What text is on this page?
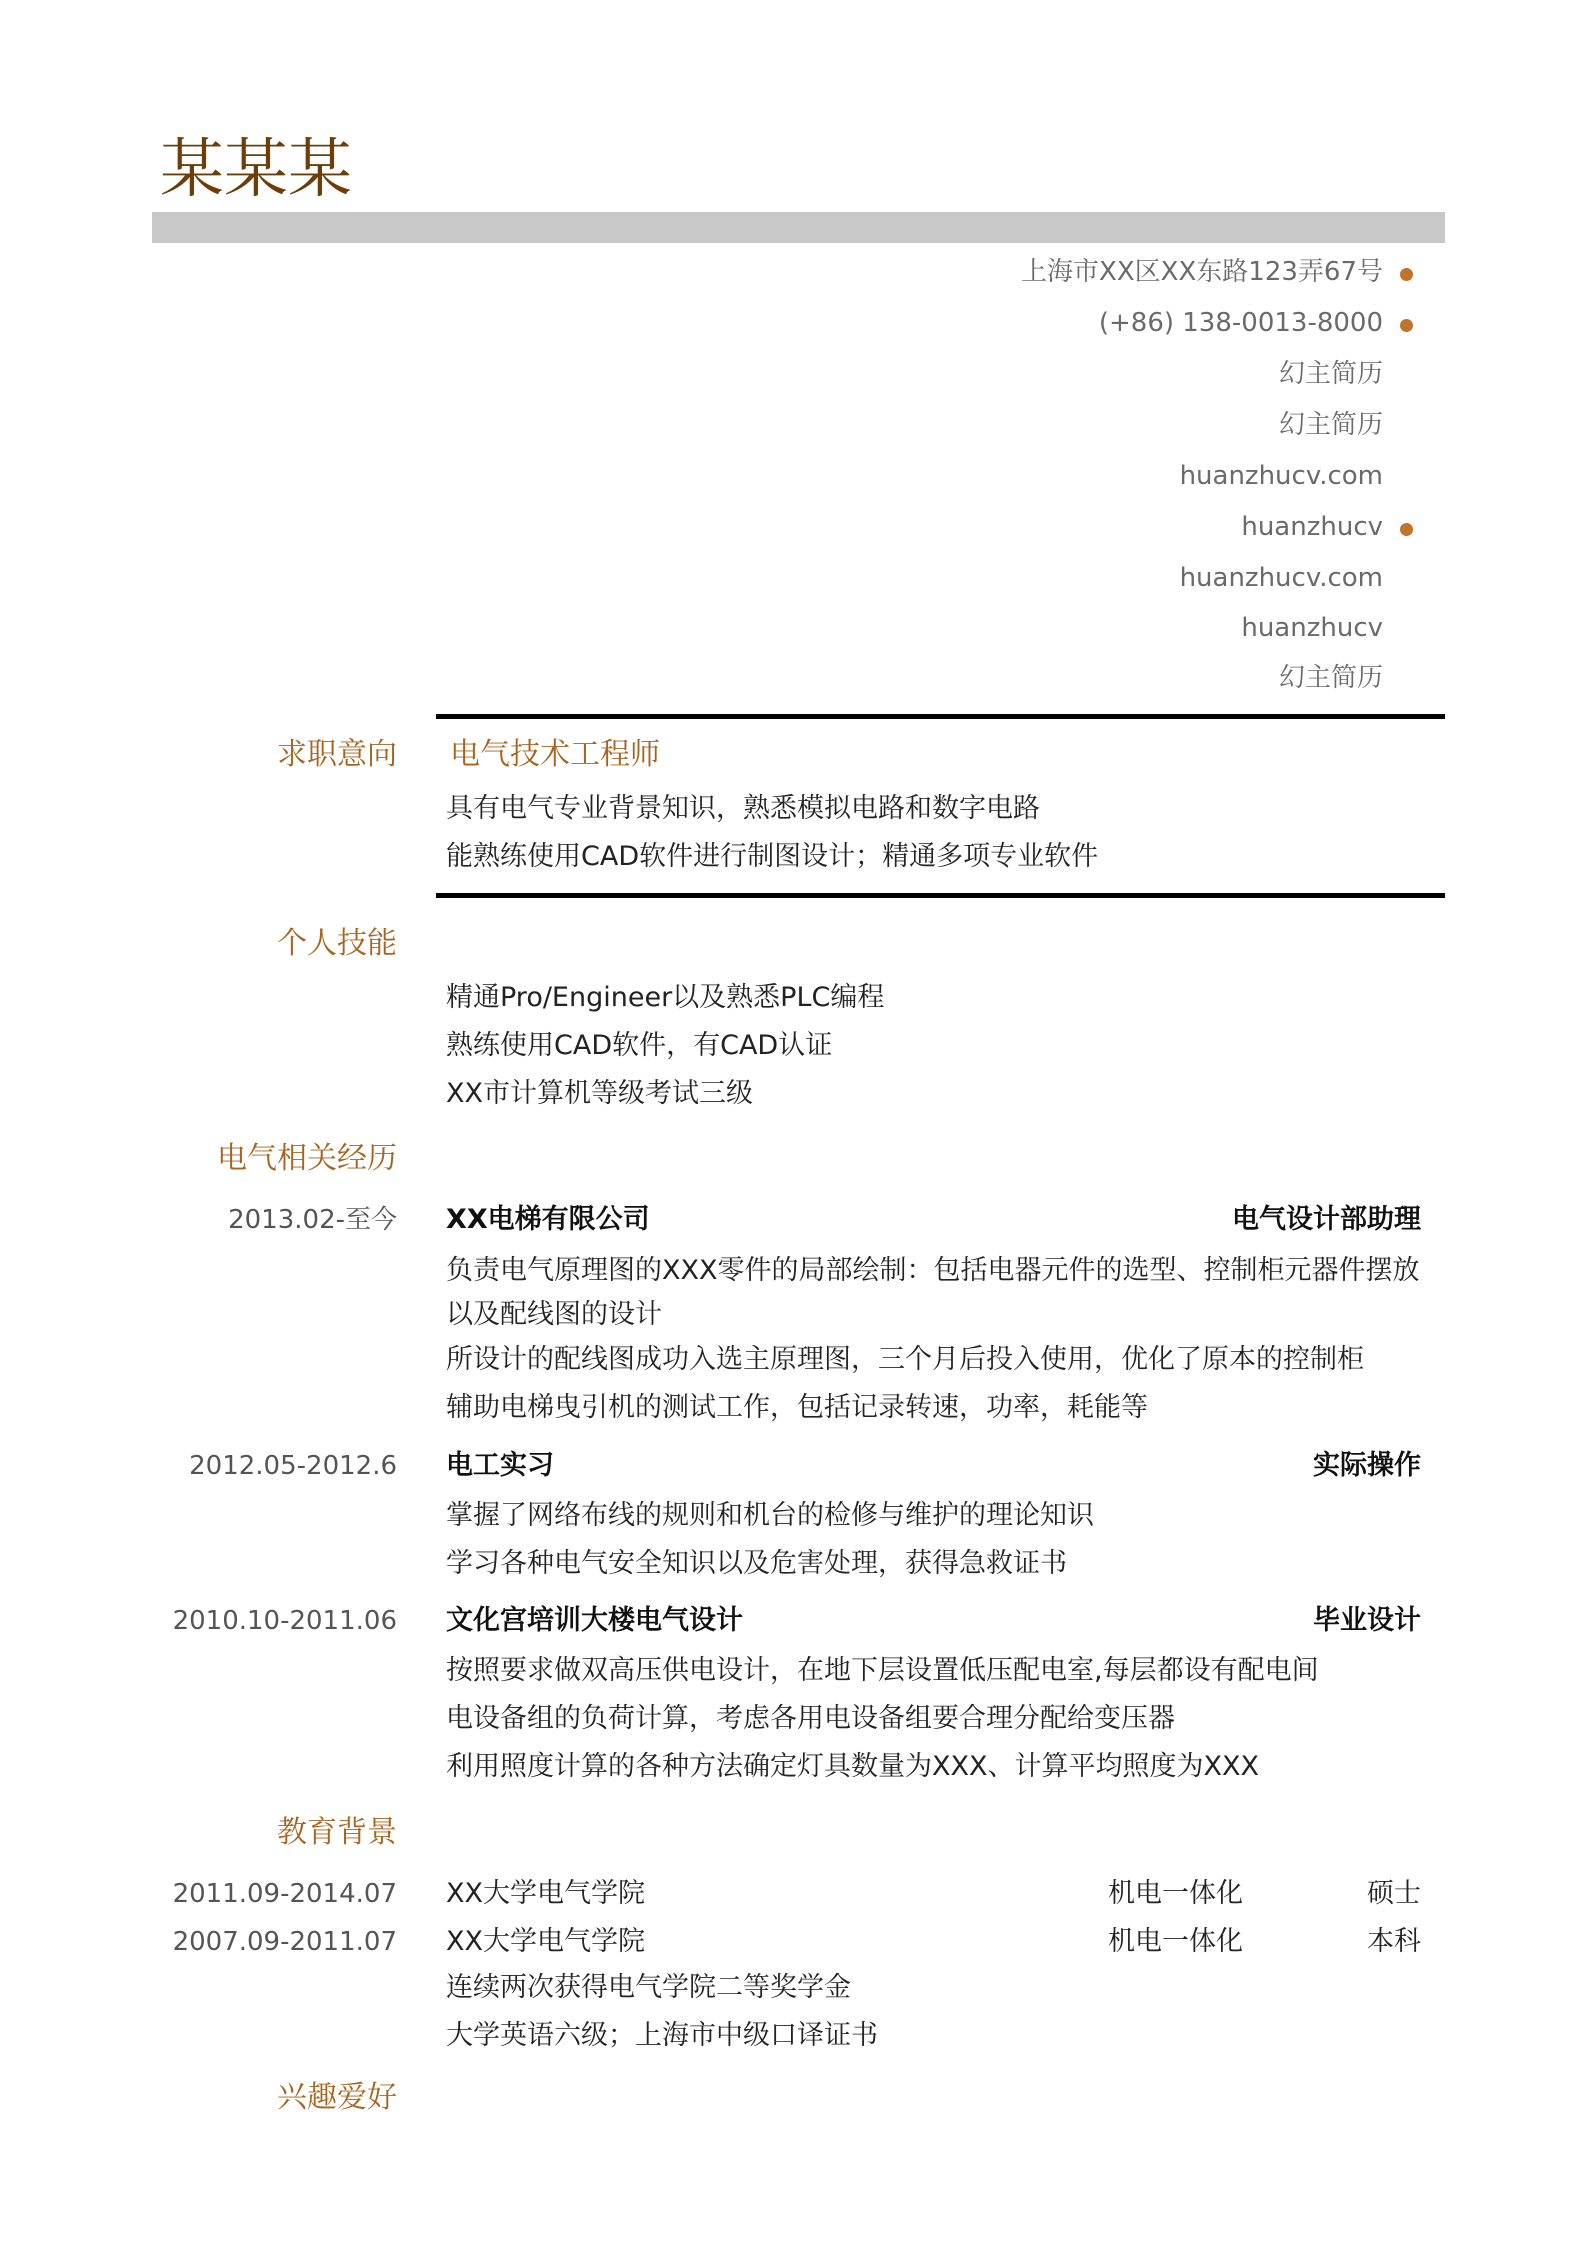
某某某
上海市XX区XX东路123弄67号
(+86) 138-0013-8000
幻主简历
幻主简历
huanzhucv.com
huanzhucv
huanzhucv.com
huanzhucv
幻主简历
求职意向 电气技术工程师
具有电气专业背景知识，熟悉模拟电路和数字电路
能熟练使用CAD软件进行制图设计；精通多项专业软件
个人技能
精通Pro/Engineer以及熟悉PLC编程
熟练使用CAD软件，有CAD认证
XX市计算机等级考试三级
电气相关经历
2013.02-至今 XX电梯有限公司	电气设计部助理
负责电气原理图的XXX零件的局部绘制：包括电器元件的选型、控制柜元器件摆放以及配线图的设计
所设计的配线图成功入选主原理图，三个月后投入使用，优化了原本的控制柜
辅助电梯曳引机的测试工作，包括记录转速，功率，耗能等
2012.05-2012.6 电工实习	实际操作
掌握了网络布线的规则和机台的检修与维护的理论知识
学习各种电气安全知识以及危害处理，获得急救证书
2010.10-2011.06 文化宫培训大楼电气设计	毕业设计
按照要求做双高压供电设计，在地下层设置低压配电室,每层都设有配电间
电设备组的负荷计算，考虑各用电设备组要合理分配给变压器
利用照度计算的各种方法确定灯具数量为XXX、计算平均照度为XXX
教育背景
2011.09-2014.07 XX大学电气学院	机电一体化	硕士
2007.09-2011.07 XX大学电气学院	机电一体化	本科
连续两次获得电气学院二等奖学金
大学英语六级；上海市中级口译证书
兴趣爱好
